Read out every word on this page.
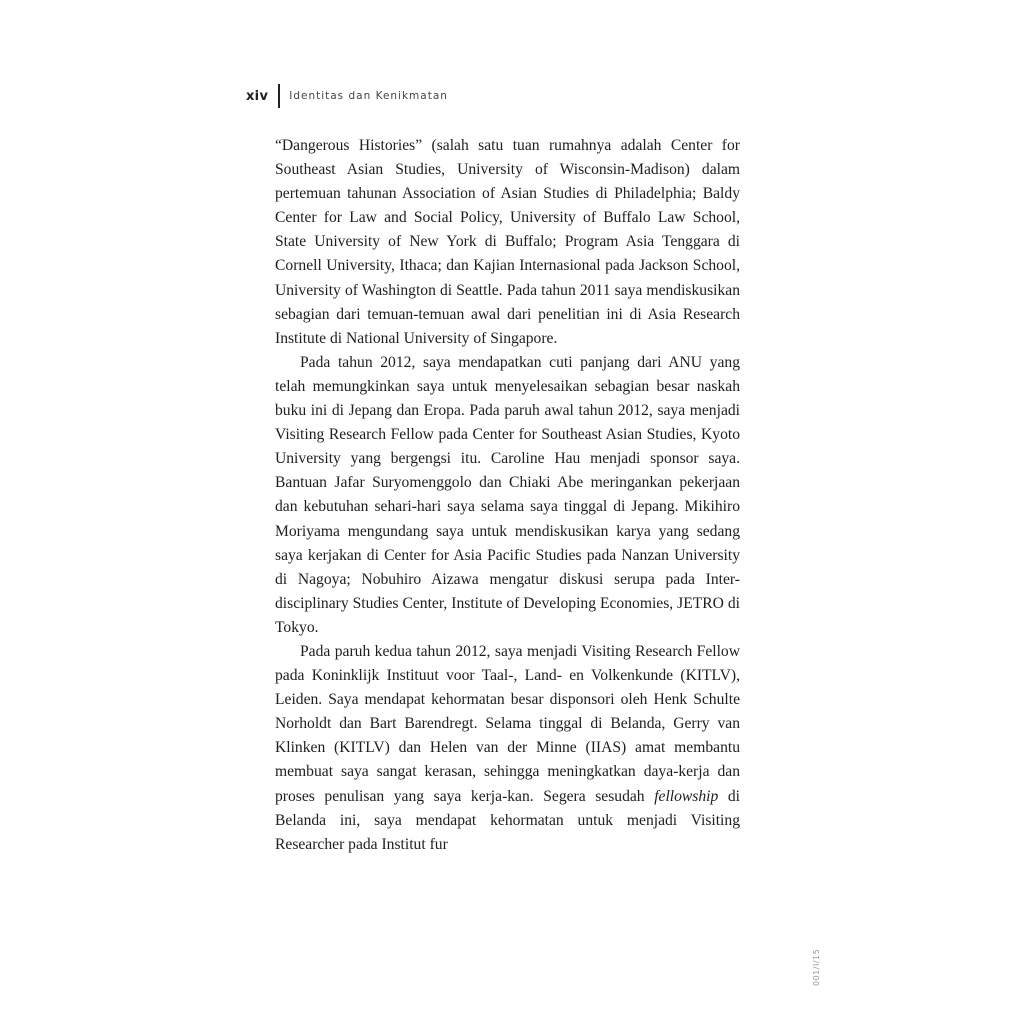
xiv Identitas dan Kenikmatan

“Dangerous Histories” (salah satu tuan rumahnya adalah Center for Southeast Asian Studies, University of Wisconsin-Madison) dalam pertemuan tahunan Association of Asian Studies di Philadelphia; Baldy Center for Law and Social Policy, University of Buffalo Law School, State University of New York di Buffalo; Program Asia Tenggara di Cornell University, Ithaca; dan Kajian Internasional pada Jackson School, University of Washington di Seattle. Pada tahun 2011 saya mendiskusikan sebagian dari temuan-temuan awal dari penelitian ini di Asia Research Institute di National University of Singapore.

Pada tahun 2012, saya mendapatkan cuti panjang dari ANU yang telah memungkinkan saya untuk menyelesaikan sebagian besar naskah buku ini di Jepang dan Eropa. Pada paruh awal tahun 2012, saya menjadi Visiting Research Fellow pada Center for Southeast Asian Studies, Kyoto University yang bergengsi itu. Caroline Hau menjadi sponsor saya. Bantuan Jafar Suryomenggolo dan Chiaki Abe meringankan pekerjaan dan kebutuhan sehari-hari saya selama saya tinggal di Jepang. Mikihiro Moriyama mengundang saya untuk mendiskusikan karya yang sedang saya kerjakan di Center for Asia Pacific Studies pada Nanzan University di Nagoya; Nobuhiro Aizawa mengatur diskusi serupa pada Inter-disciplinary Studies Center, Institute of Developing Economies, JETRO di Tokyo.

Pada paruh kedua tahun 2012, saya menjadi Visiting Research Fellow pada Koninklijk Instituut voor Taal-, Land- en Volkenkunde (KITLV), Leiden. Saya mendapat kehormatan besar disponsori oleh Henk Schulte Norholdt dan Bart Barendregt. Selama tinggal di Belanda, Gerry van Klinken (KITLV) dan Helen van der Minne (IIAS) amat membantu membuat saya sangat kerasan, sehingga meningkatkan daya-kerja dan proses penulisan yang saya kerja-kan. Segera sesudah fellowship di Belanda ini, saya mendapat kehormatan untuk menjadi Visiting Researcher pada Institut fur

001/I/15
